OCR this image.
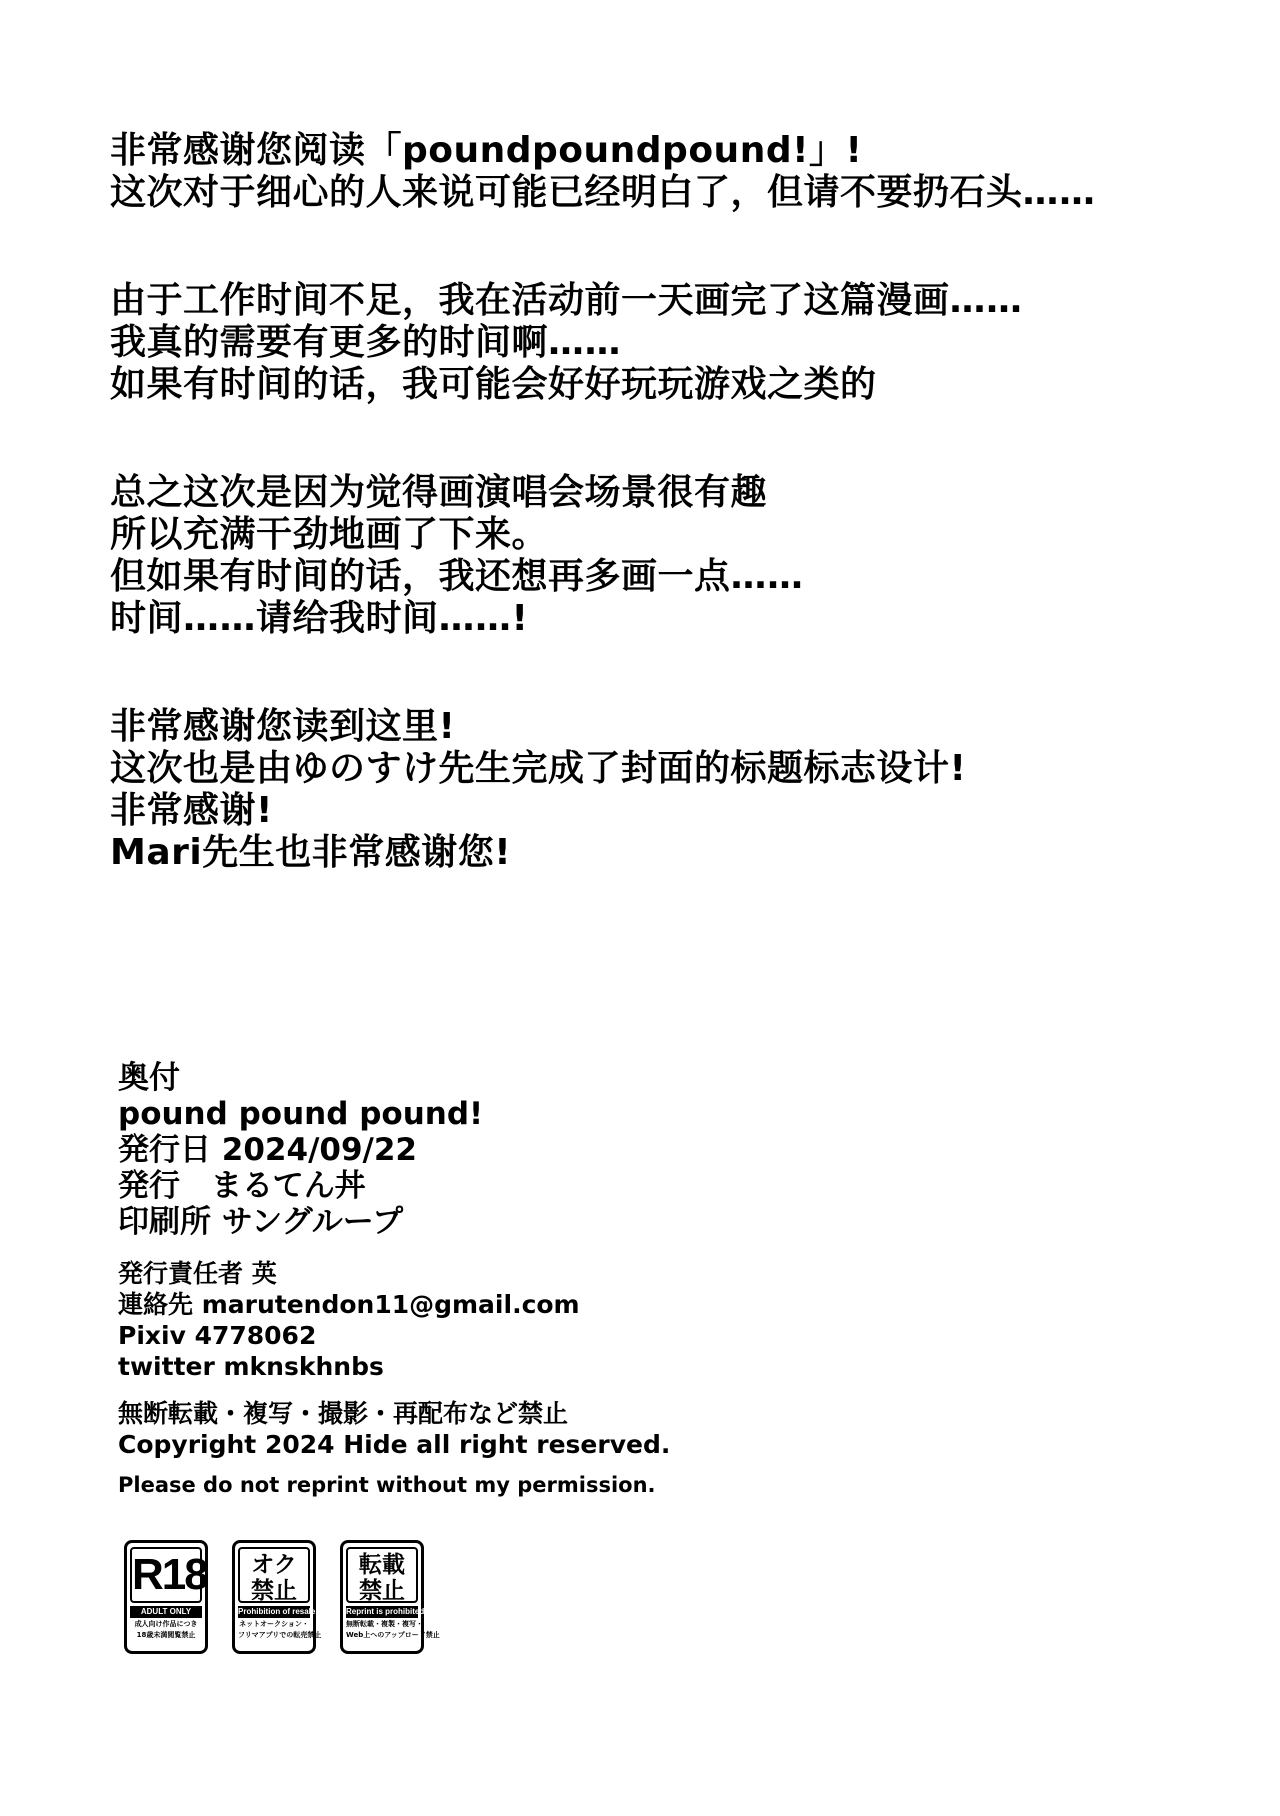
非常感谢您阅读「poundpoundpound!」!
这次对于细心的人来说可能已经明白了，但请不要扔石头……
由于工作时间不足，我在活动前一天画完了这篇漫画……
我真的需要有更多的时间啊……
如果有时间的话，我可能会好好玩玩游戏之类的
总之这次是因为觉得画演唱会场景很有趣
所以充满干劲地画了下来。
但如果有时间的话，我还想再多画一点……
时间……请给我时间……!
非常感谢您读到这里!
这次也是由ゆのすけ先生完成了封面的标题标志设计!
非常感谢!
Mari先生也非常感谢您!
奥付
pound pound pound!
発行日 2024/09/22
発行　まるてん丼
印刷所 サングループ
発行責任者 英
連絡先 marutendon11@gmail.com
Pixiv 4778062
twitter mknskhnbs
無断転載・複写・撮影・再配布など禁止
Copyright 2024 Hide all right reserved.
Please do not reprint without my permission.
R18
ADULT ONLY
成人向け作品につき
18歳未満閲覧禁止
オク
禁止
Prohibition of resale.
ネットオークション・
フリマアプリでの転売禁止
転載
禁止
Reprint is prohibited.
無断転載・複製・複写・
Web上へのアップロード禁止
